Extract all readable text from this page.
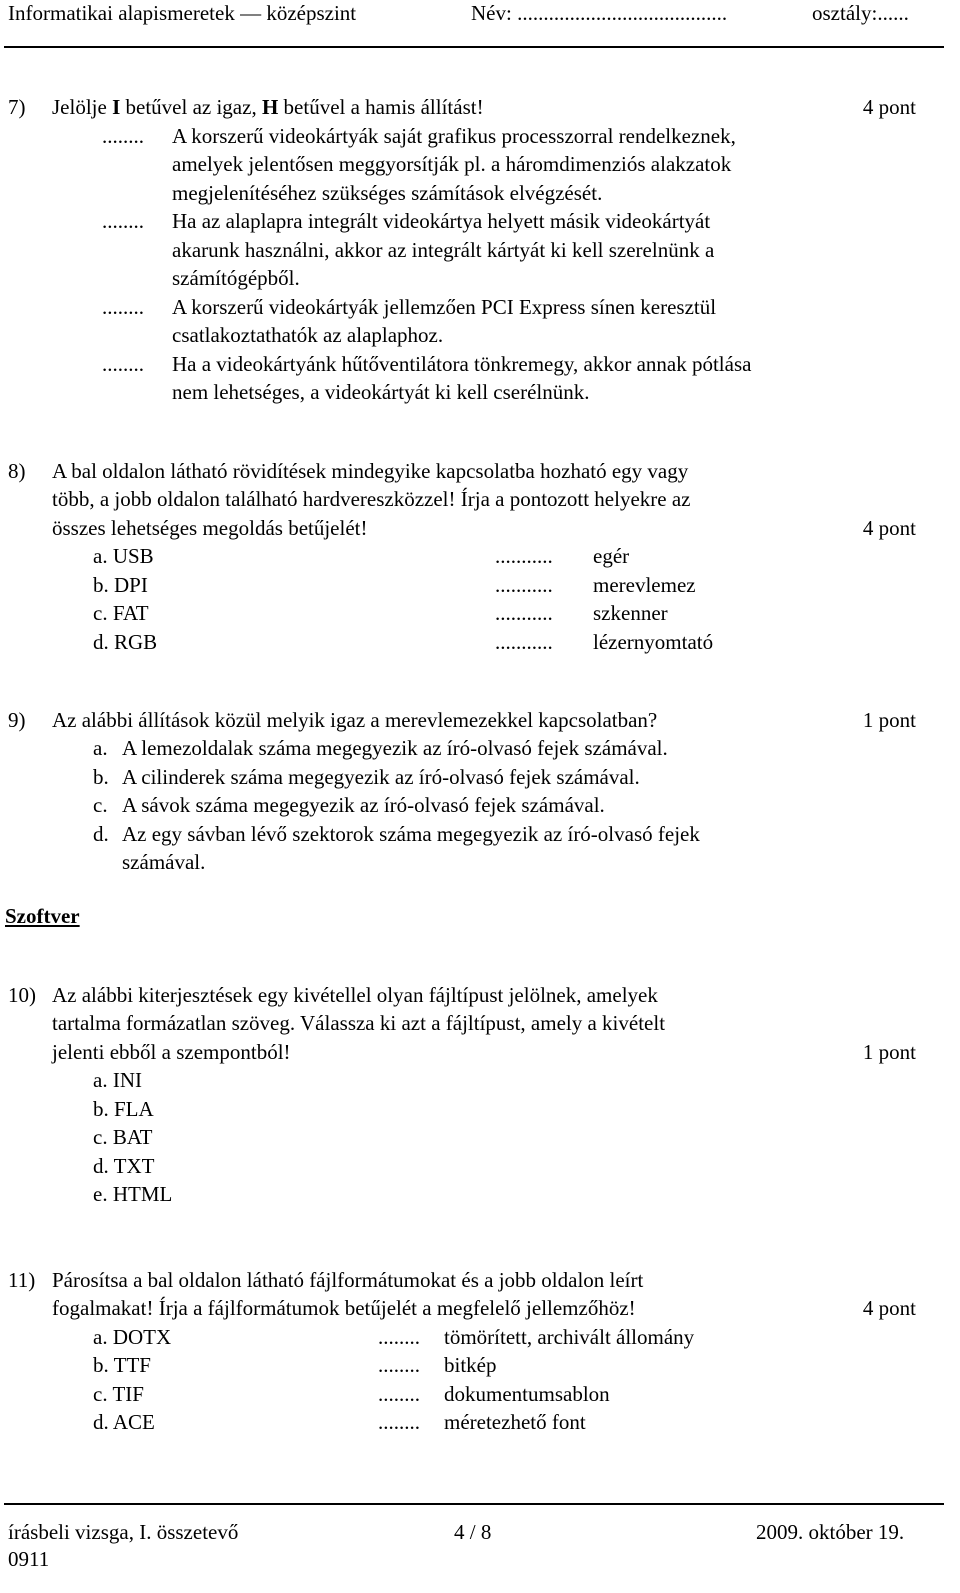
Informatikai alapismeretek — középszint	Név: ........................................	osztály:......
7) Jelölje I betűvel az igaz, H betűvel a hamis állítást!	4 pont
........ A korszerű videokártyák saját grafikus processzorral rendelkeznek,
amelyek jelentősen meggyorsítják pl. a háromdimenziós alakzatok
megjelenítéséhez szükséges számítások elvégzését.
........ Ha az alaplapra integrált videokártya helyett másik videokártyát
akarunk használni, akkor az integrált kártyát ki kell szerelnünk a
számítógépből.
........ A korszerű videokártyák jellemzően PCI Express sínen keresztül
csatlakoztathatók az alaplaphoz.
........ Ha a videokártyánk hűtőventilátora tönkremegy, akkor annak pótlása
nem lehetséges, a videokártyát ki kell cserélnünk.
8) A bal oldalon látható rövidítések mindegyike kapcsolatba hozható egy vagy
több, a jobb oldalon található hardvereszközzel! Írja a pontozott helyekre az
összes lehetséges megoldás betűjelét!	4 pont
a. USB	........... egér
b. DPI	........... merevlemez
c. FAT	........... szkenner
d. RGB	........... lézernyomtató
9) Az alábbi állítások közül melyik igaz a merevlemezekkel kapcsolatban?	1 pont
a. A lemezoldalak száma megegyezik az író-olvasó fejek számával.
b. A cilinderek száma megegyezik az író-olvasó fejek számával.
c. A sávok száma megegyezik az író-olvasó fejek számával.
d. Az egy sávban lévő szektorok száma megegyezik az író-olvasó fejek
számával.
Szoftver
10) Az alábbi kiterjesztések egy kivétellel olyan fájltípust jelölnek, amelyek
tartalma formázatlan szöveg. Válassza ki azt a fájltípust, amely a kivételt
jelenti ebből a szempontból!	1 pont
a. INI
b. FLA
c. BAT
d. TXT
e. HTML
11) Párosítsa a bal oldalon látható fájlformátumokat és a jobb oldalon leírt
fogalmakat! Írja a fájlformátumok betűjelét a megfelelő jellemzőhöz!	4 pont
a. DOTX	........ tömörített, archivált állomány
b. TTF	........ bitkép
c. TIF	........ dokumentumsablon
d. ACE	........ méretezhető font
írásbeli vizsga, I. összetevő	4 / 8	2009. október 19.
0911
